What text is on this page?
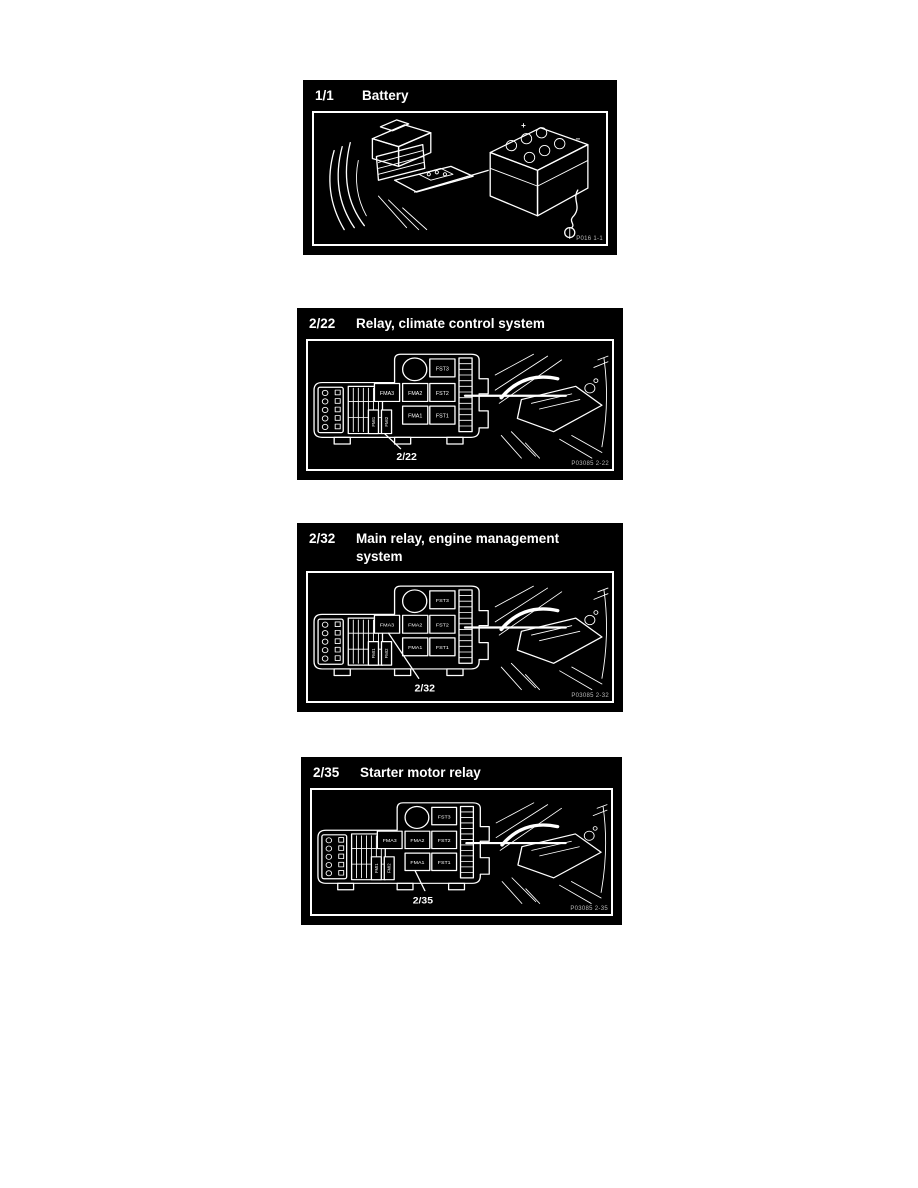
1/1	Battery
+
−
P016 1-1
2/22	Relay, climate control system
FMI1 FMI2
FST3
FMA3	FMA2	FST2
FMA1	FST1
2/22
P03085 2-22
2/32	Main relay, engine management system
FMI1 FMI2
FST3
FMA3	FMA2	FST2
FMA1	FST1
2/32
P03085 2-32
2/35	Starter motor relay
FMI1 FMI2
FST3
FMA3	FMA2	FST2
FMA1	FST1
2/35
P03085 2-35
